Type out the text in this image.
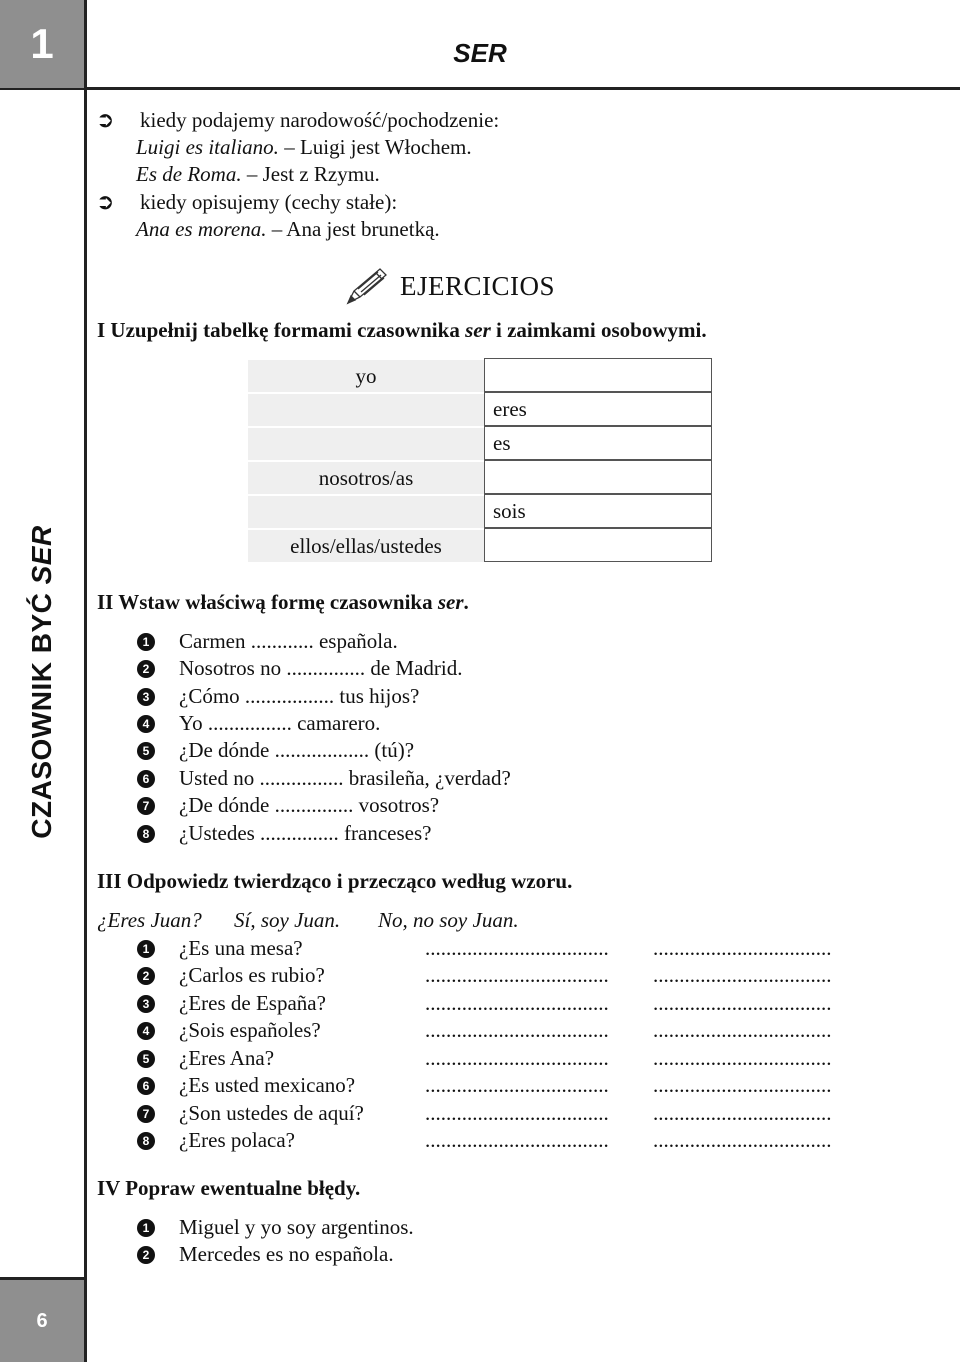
1
6
SER
CZASOWNIK BYĆ SER
➲ kiedy podajemy narodowość/pochodzenie:
Luigi es italiano. – Luigi jest Włochem.
Es de Roma. – Jest z Rzymu.
➲ kiedy opisujemy (cechy stałe):
Ana es morena. – Ana jest brunetką.
EJERCICIOS
I Uzupełnij tabelkę formami czasownika ser i zaimkami osobowymi.
yo	
	eres
	es
nosotros/as	
	sois
ellos/ellas/ustedes	
II Wstaw właściwą formę czasownika ser.
1 Carmen ............ española.
2 Nosotros no ............... de Madrid.
3 ¿Cómo ................. tus hijos?
4 Yo ................ camarero.
5 ¿De dónde .................. (tú)?
6 Usted no ................ brasileña, ¿verdad?
7 ¿De dónde ............... vosotros?
8 ¿Ustedes ............... franceses?
III Odpowiedz twierdząco i przecząco według wzoru.
¿Eres Juan? Sí, soy Juan. No, no soy Juan.
1 ¿Es una mesa?	................................... ..................................
2 ¿Carlos es rubio?	................................... ..................................
3 ¿Eres de España?	................................... ..................................
4 ¿Sois españoles?	................................... ..................................
5 ¿Eres Ana?	................................... ..................................
6 ¿Es usted mexicano?	................................... ..................................
7 ¿Son ustedes de aquí?	................................... ..................................
8 ¿Eres polaca?	................................... ..................................
IV Popraw ewentualne błędy.
1 Miguel y yo soy argentinos.
2 Mercedes es no española.
